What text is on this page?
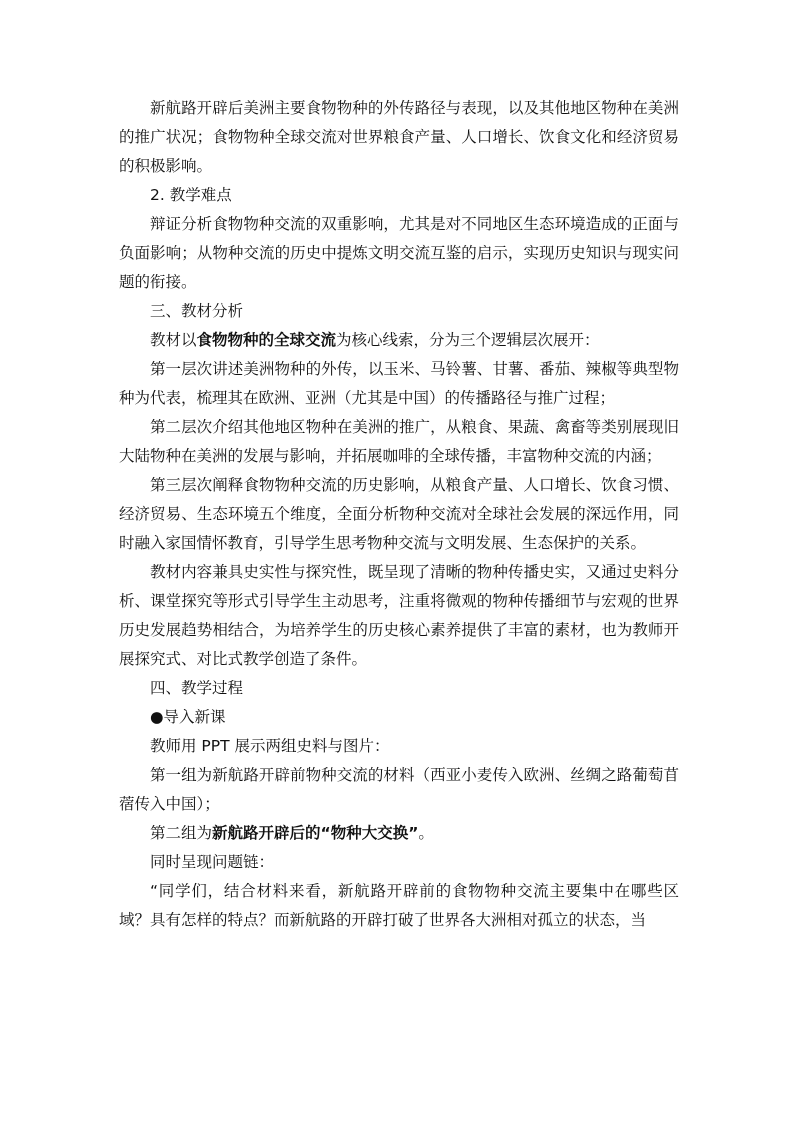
新航路开辟后美洲主要食物物种的外传路径与表现，以及其他地区物种在美洲的推广状况；食物物种全球交流对世界粮食产量、人口增长、饮食文化和经济贸易的积极影响。

2. 教学难点

辩证分析食物物种交流的双重影响，尤其是对不同地区生态环境造成的正面与负面影响；从物种交流的历史中提炼文明交流互鉴的启示，实现历史知识与现实问题的衔接。

三、教材分析

教材以食物物种的全球交流为核心线索，分为三个逻辑层次展开：

第一层次讲述美洲物种的外传，以玉米、马铃薯、甘薯、番茄、辣椒等典型物种为代表，梳理其在欧洲、亚洲（尤其是中国）的传播路径与推广过程；

第二层次介绍其他地区物种在美洲的推广，从粮食、果蔬、禽畜等类别展现旧大陆物种在美洲的发展与影响，并拓展咖啡的全球传播，丰富物种交流的内涵；

第三层次阐释食物物种交流的历史影响，从粮食产量、人口增长、饮食习惯、经济贸易、生态环境五个维度，全面分析物种交流对全球社会发展的深远作用，同时融入家国情怀教育，引导学生思考物种交流与文明发展、生态保护的关系。

教材内容兼具史实性与探究性，既呈现了清晰的物种传播史实，又通过史料分析、课堂探究等形式引导学生主动思考，注重将微观的物种传播细节与宏观的世界历史发展趋势相结合，为培养学生的历史核心素养提供了丰富的素材，也为教师开展探究式、对比式教学创造了条件。

四、教学过程

●导入新课

教师用 PPT 展示两组史料与图片：

第一组为新航路开辟前物种交流的材料（西亚小麦传入欧洲、丝绸之路葡萄苜蓿传入中国）；

第二组为新航路开辟后的“物种大交换”。

同时呈现问题链：

“同学们，结合材料来看，新航路开辟前的食物物种交流主要集中在哪些区域？具有怎样的特点？而新航路的开辟打破了世界各大洲相对孤立的状态，当
